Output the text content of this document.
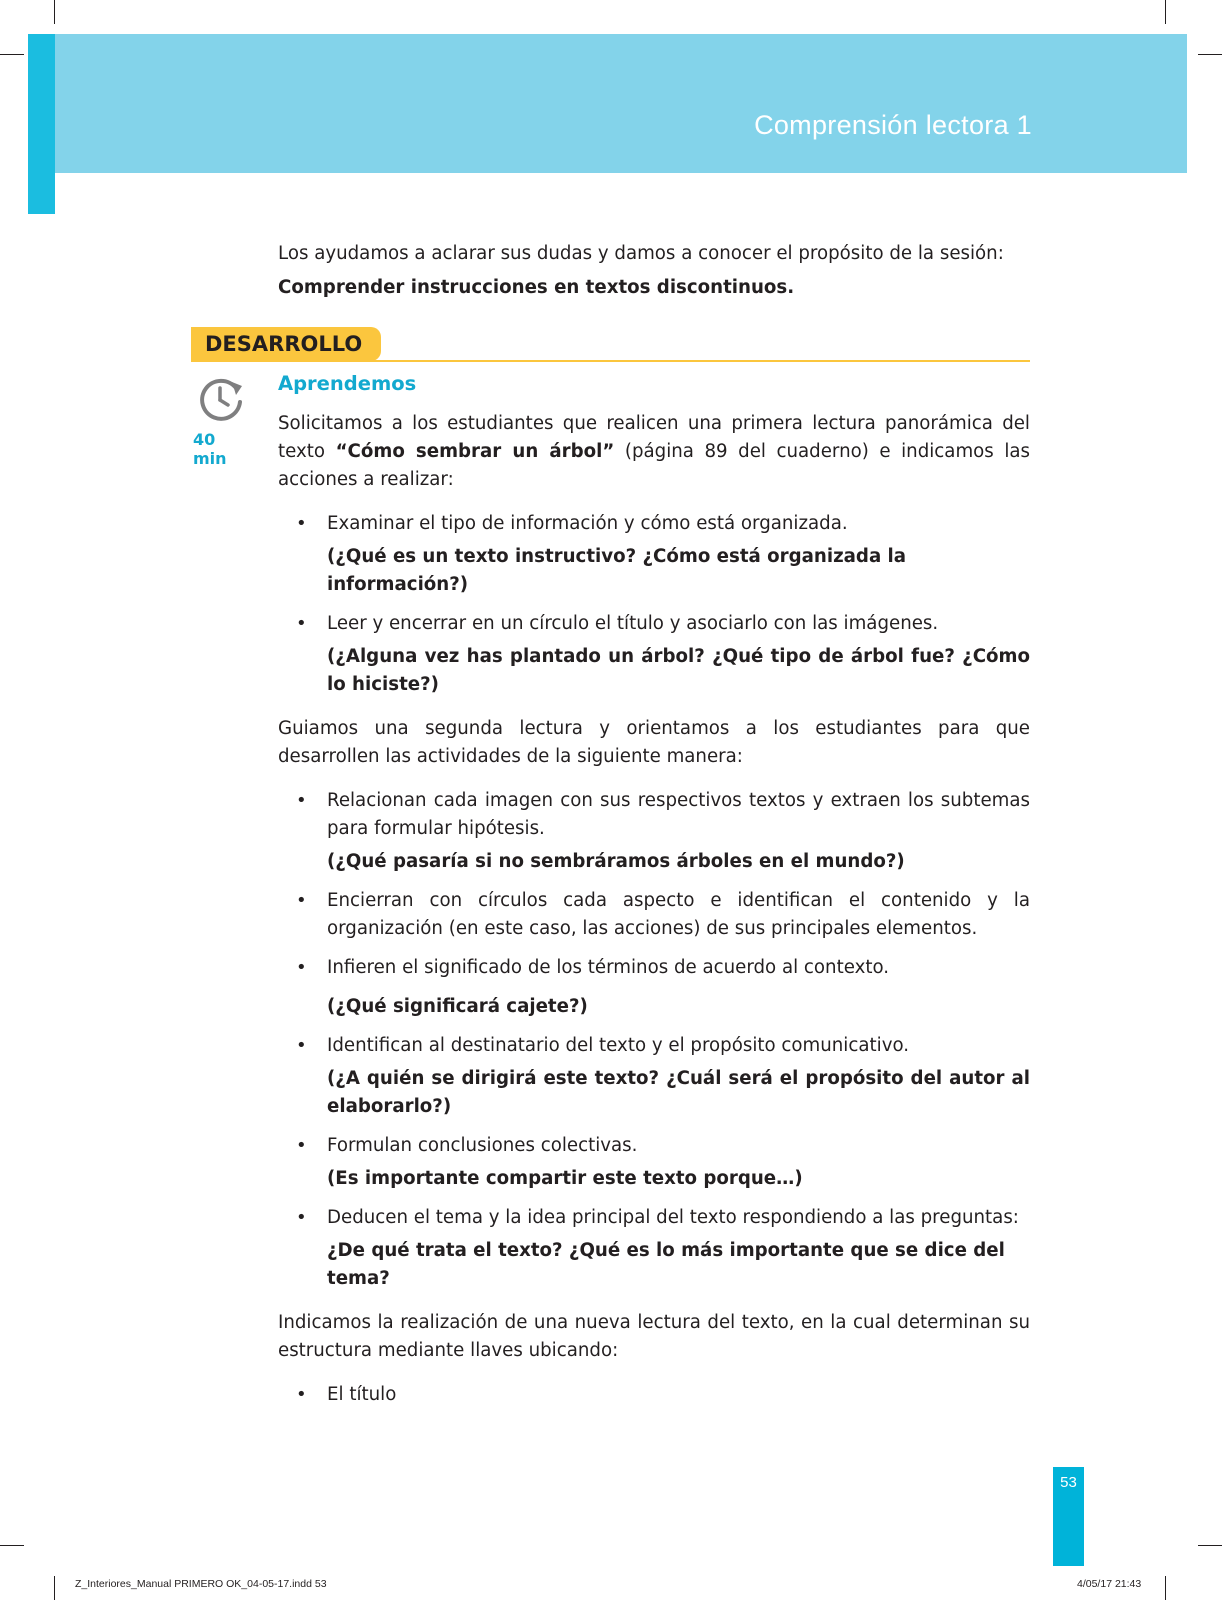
Comprensión lectora 1

Los ayudamos a aclarar sus dudas y damos a conocer el propósito de la sesión:

Comprender instrucciones en textos discontinuos.

DESARROLLO
40 min
Aprendemos

Solicitamos a los estudiantes que realicen una primera lectura panorámica del texto “Cómo sembrar un árbol” (página 89 del cuaderno) e indicamos las acciones a realizar:

• Examinar el tipo de información y cómo está organizada.
(¿Qué es un texto instructivo? ¿Cómo está organizada la información?)
• Leer y encerrar en un círculo el título y asociarlo con las imágenes.
(¿Alguna vez has plantado un árbol? ¿Qué tipo de árbol fue? ¿Cómo lo hiciste?)

Guiamos una segunda lectura y orientamos a los estudiantes para que desarrollen las actividades de la siguiente manera:

• Relacionan cada imagen con sus respectivos textos y extraen los subtemas para formular hipótesis.
(¿Qué pasaría si no sembráramos árboles en el mundo?)
• Encierran con círculos cada aspecto e identifican el contenido y la organización (en este caso, las acciones) de sus principales elementos.
• Infieren el significado de los términos de acuerdo al contexto.
(¿Qué significará cajete?)
• Identifican al destinatario del texto y el propósito comunicativo.
(¿A quién se dirigirá este texto? ¿Cuál será el propósito del autor al elaborarlo?)
• Formulan conclusiones colectivas.
(Es importante compartir este texto porque…)
• Deducen el tema y la idea principal del texto respondiendo a las preguntas:
¿De qué trata el texto? ¿Qué es lo más importante que se dice del tema?

Indicamos la realización de una nueva lectura del texto, en la cual determinan su estructura mediante llaves ubicando:

• El título
53
Z_Interiores_Manual PRIMERO OK_04-05-17.indd 53	4/05/17 21:43
